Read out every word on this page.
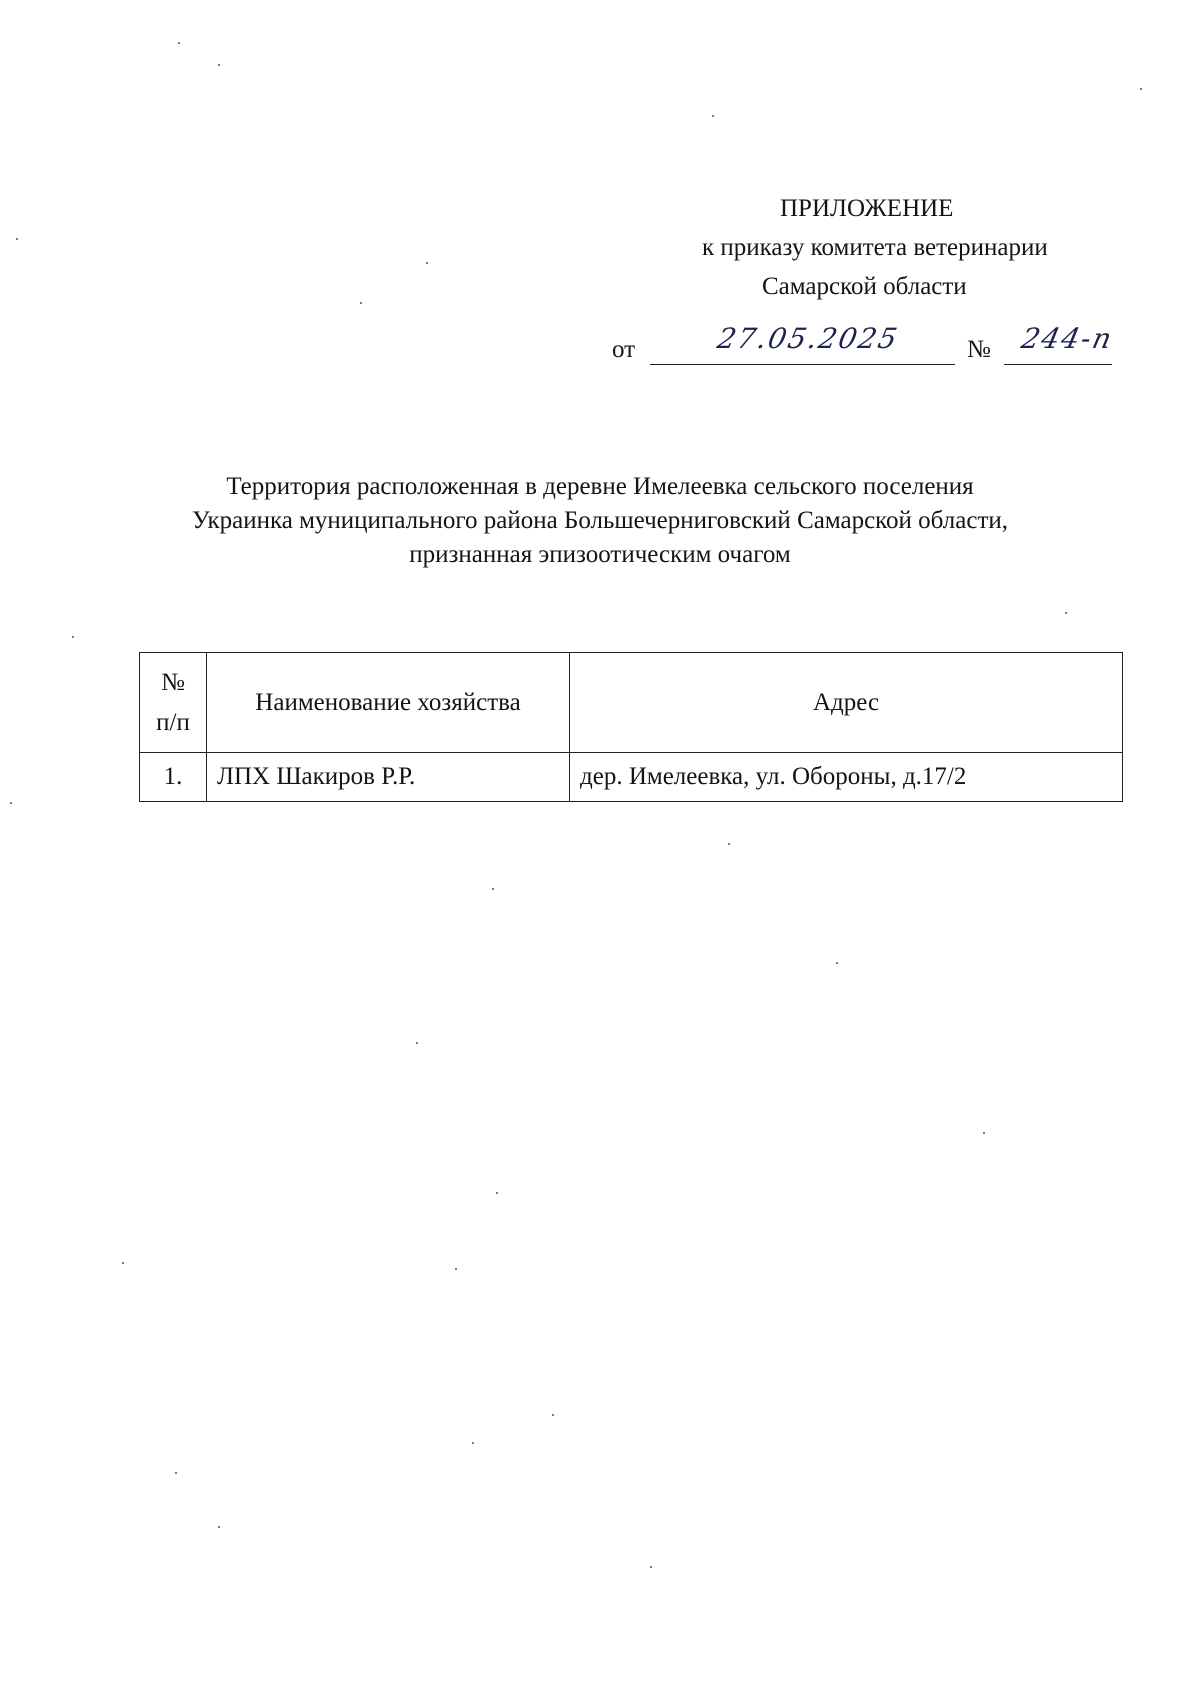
ПРИЛОЖЕНИЕ
к приказу комитета ветеринарии
Самарской области
от	27.05.2025	№ 244-п
Территория расположенная в деревне Имелеевка сельского поселения
Украинка муниципального района Большечерниговский Самарской области,
признанная эпизоотическим очагом
№
п/п	Наименование хозяйства	Адрес
1.	ЛПХ Шакиров Р.Р.	дер. Имелеевка, ул. Обороны, д.17/2
